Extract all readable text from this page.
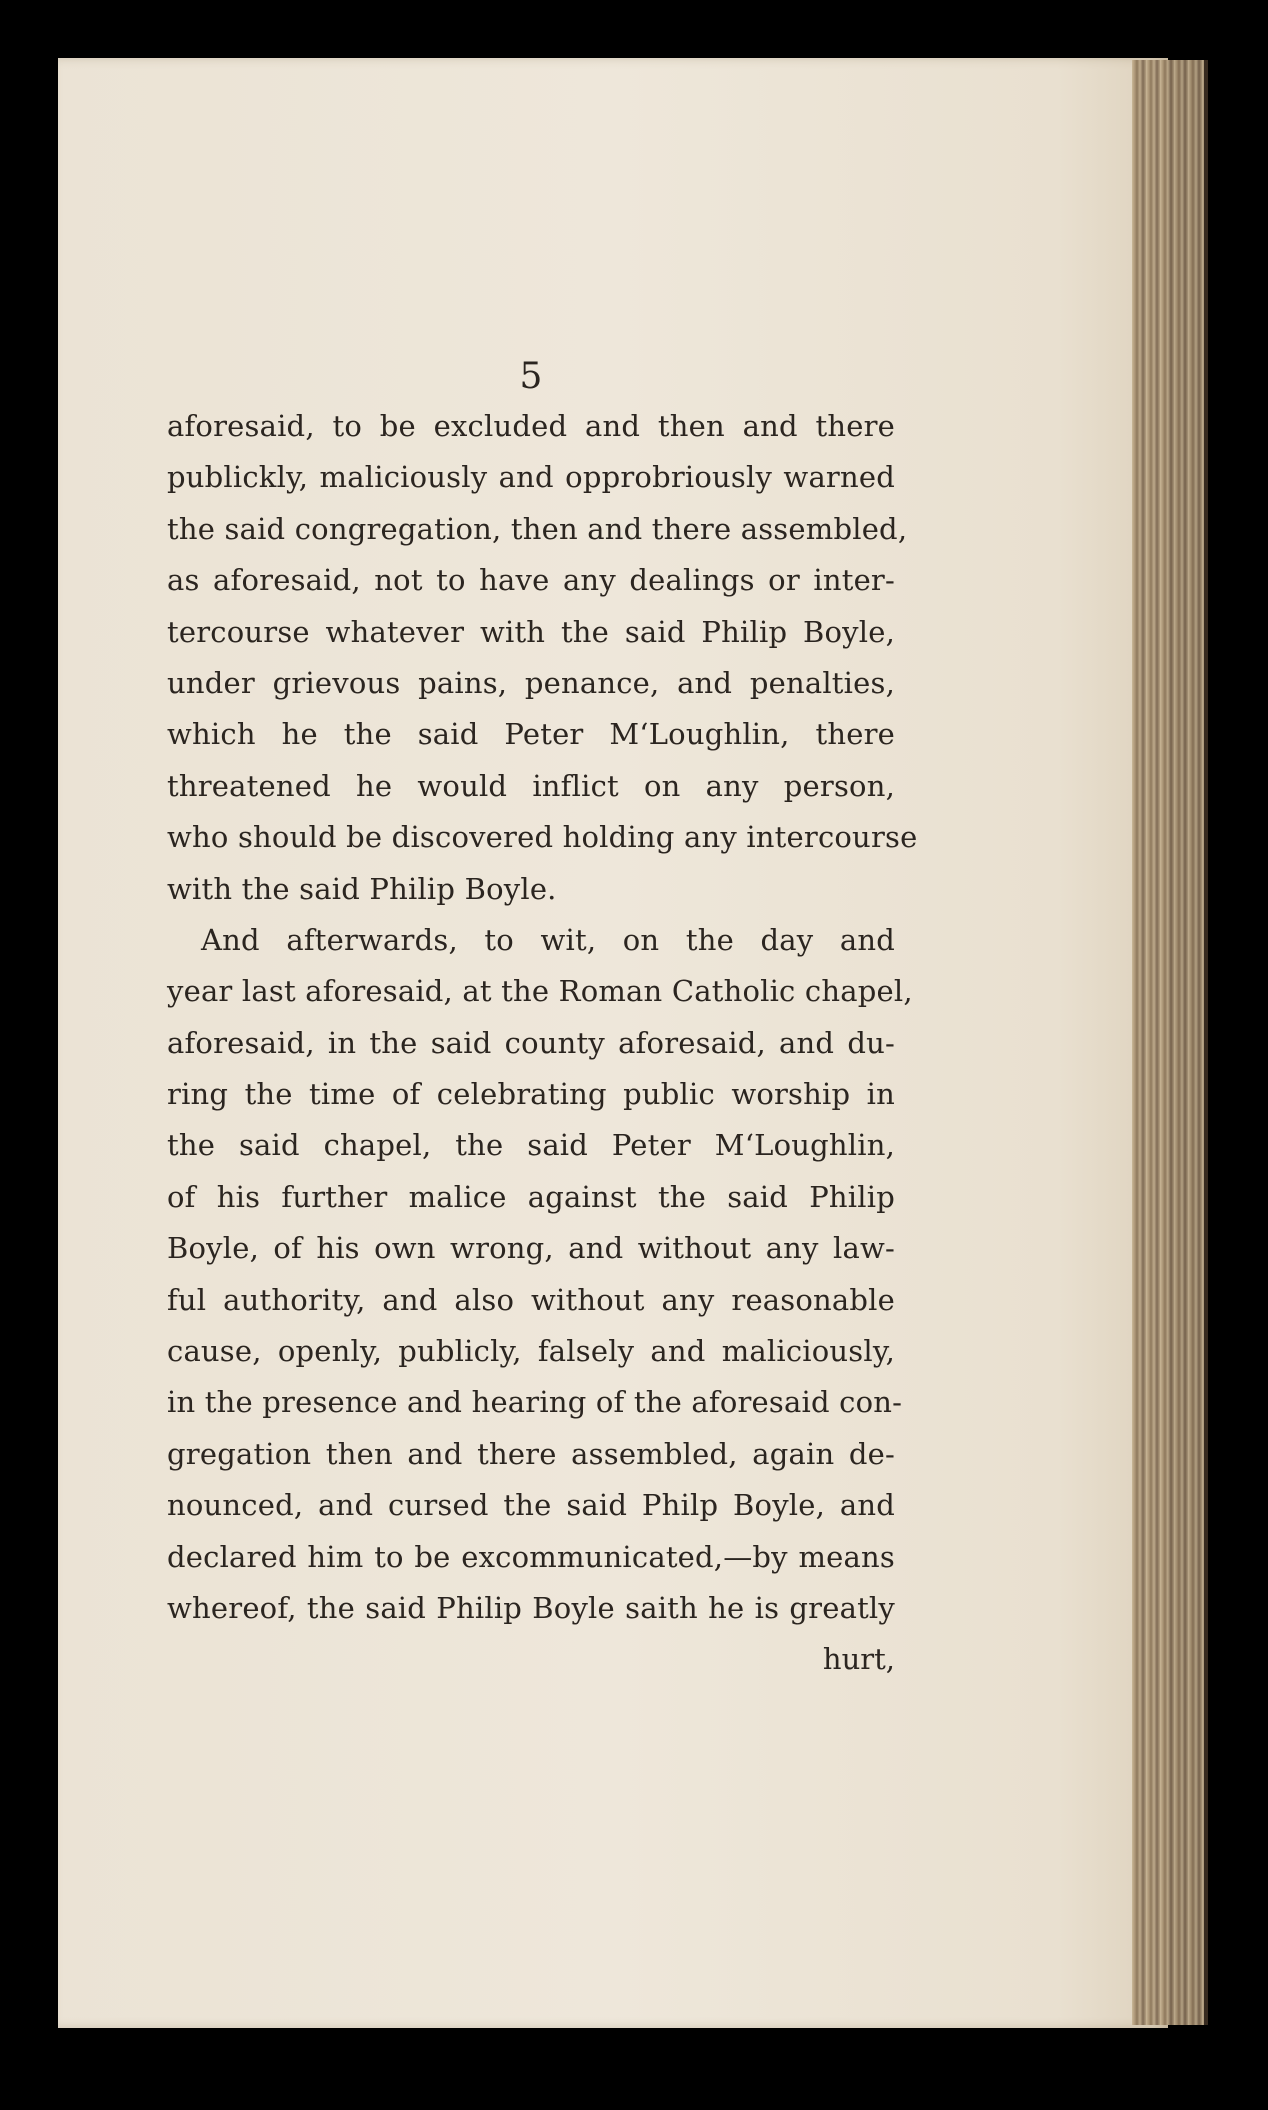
5
aforesaid, to be excluded and then and there
publickly, maliciously and opprobriously warned
the said congregation, then and there assembled,
as aforesaid, not to have any dealings or inter-
tercourse whatever with the said Philip Boyle,
under grievous pains, penance, and penalties,
which he the said Peter M‘Loughlin, there
threatened he would inflict on any person,
who should be discovered holding any intercourse
with the said Philip Boyle.
And afterwards, to wit, on the day and
year last aforesaid, at the Roman Catholic chapel,
aforesaid, in the said county aforesaid, and du-
ring the time of celebrating public worship in
the said chapel, the said Peter M‘Loughlin,
of his further malice against the said Philip
Boyle, of his own wrong, and without any law-
ful authority, and also without any reasonable
cause, openly, publicly, falsely and maliciously,
in the presence and hearing of the aforesaid con-
gregation then and there assembled, again de-
nounced, and cursed the said Philp Boyle, and
declared him to be excommunicated,—by means
whereof, the said Philip Boyle saith he is greatly
hurt,
